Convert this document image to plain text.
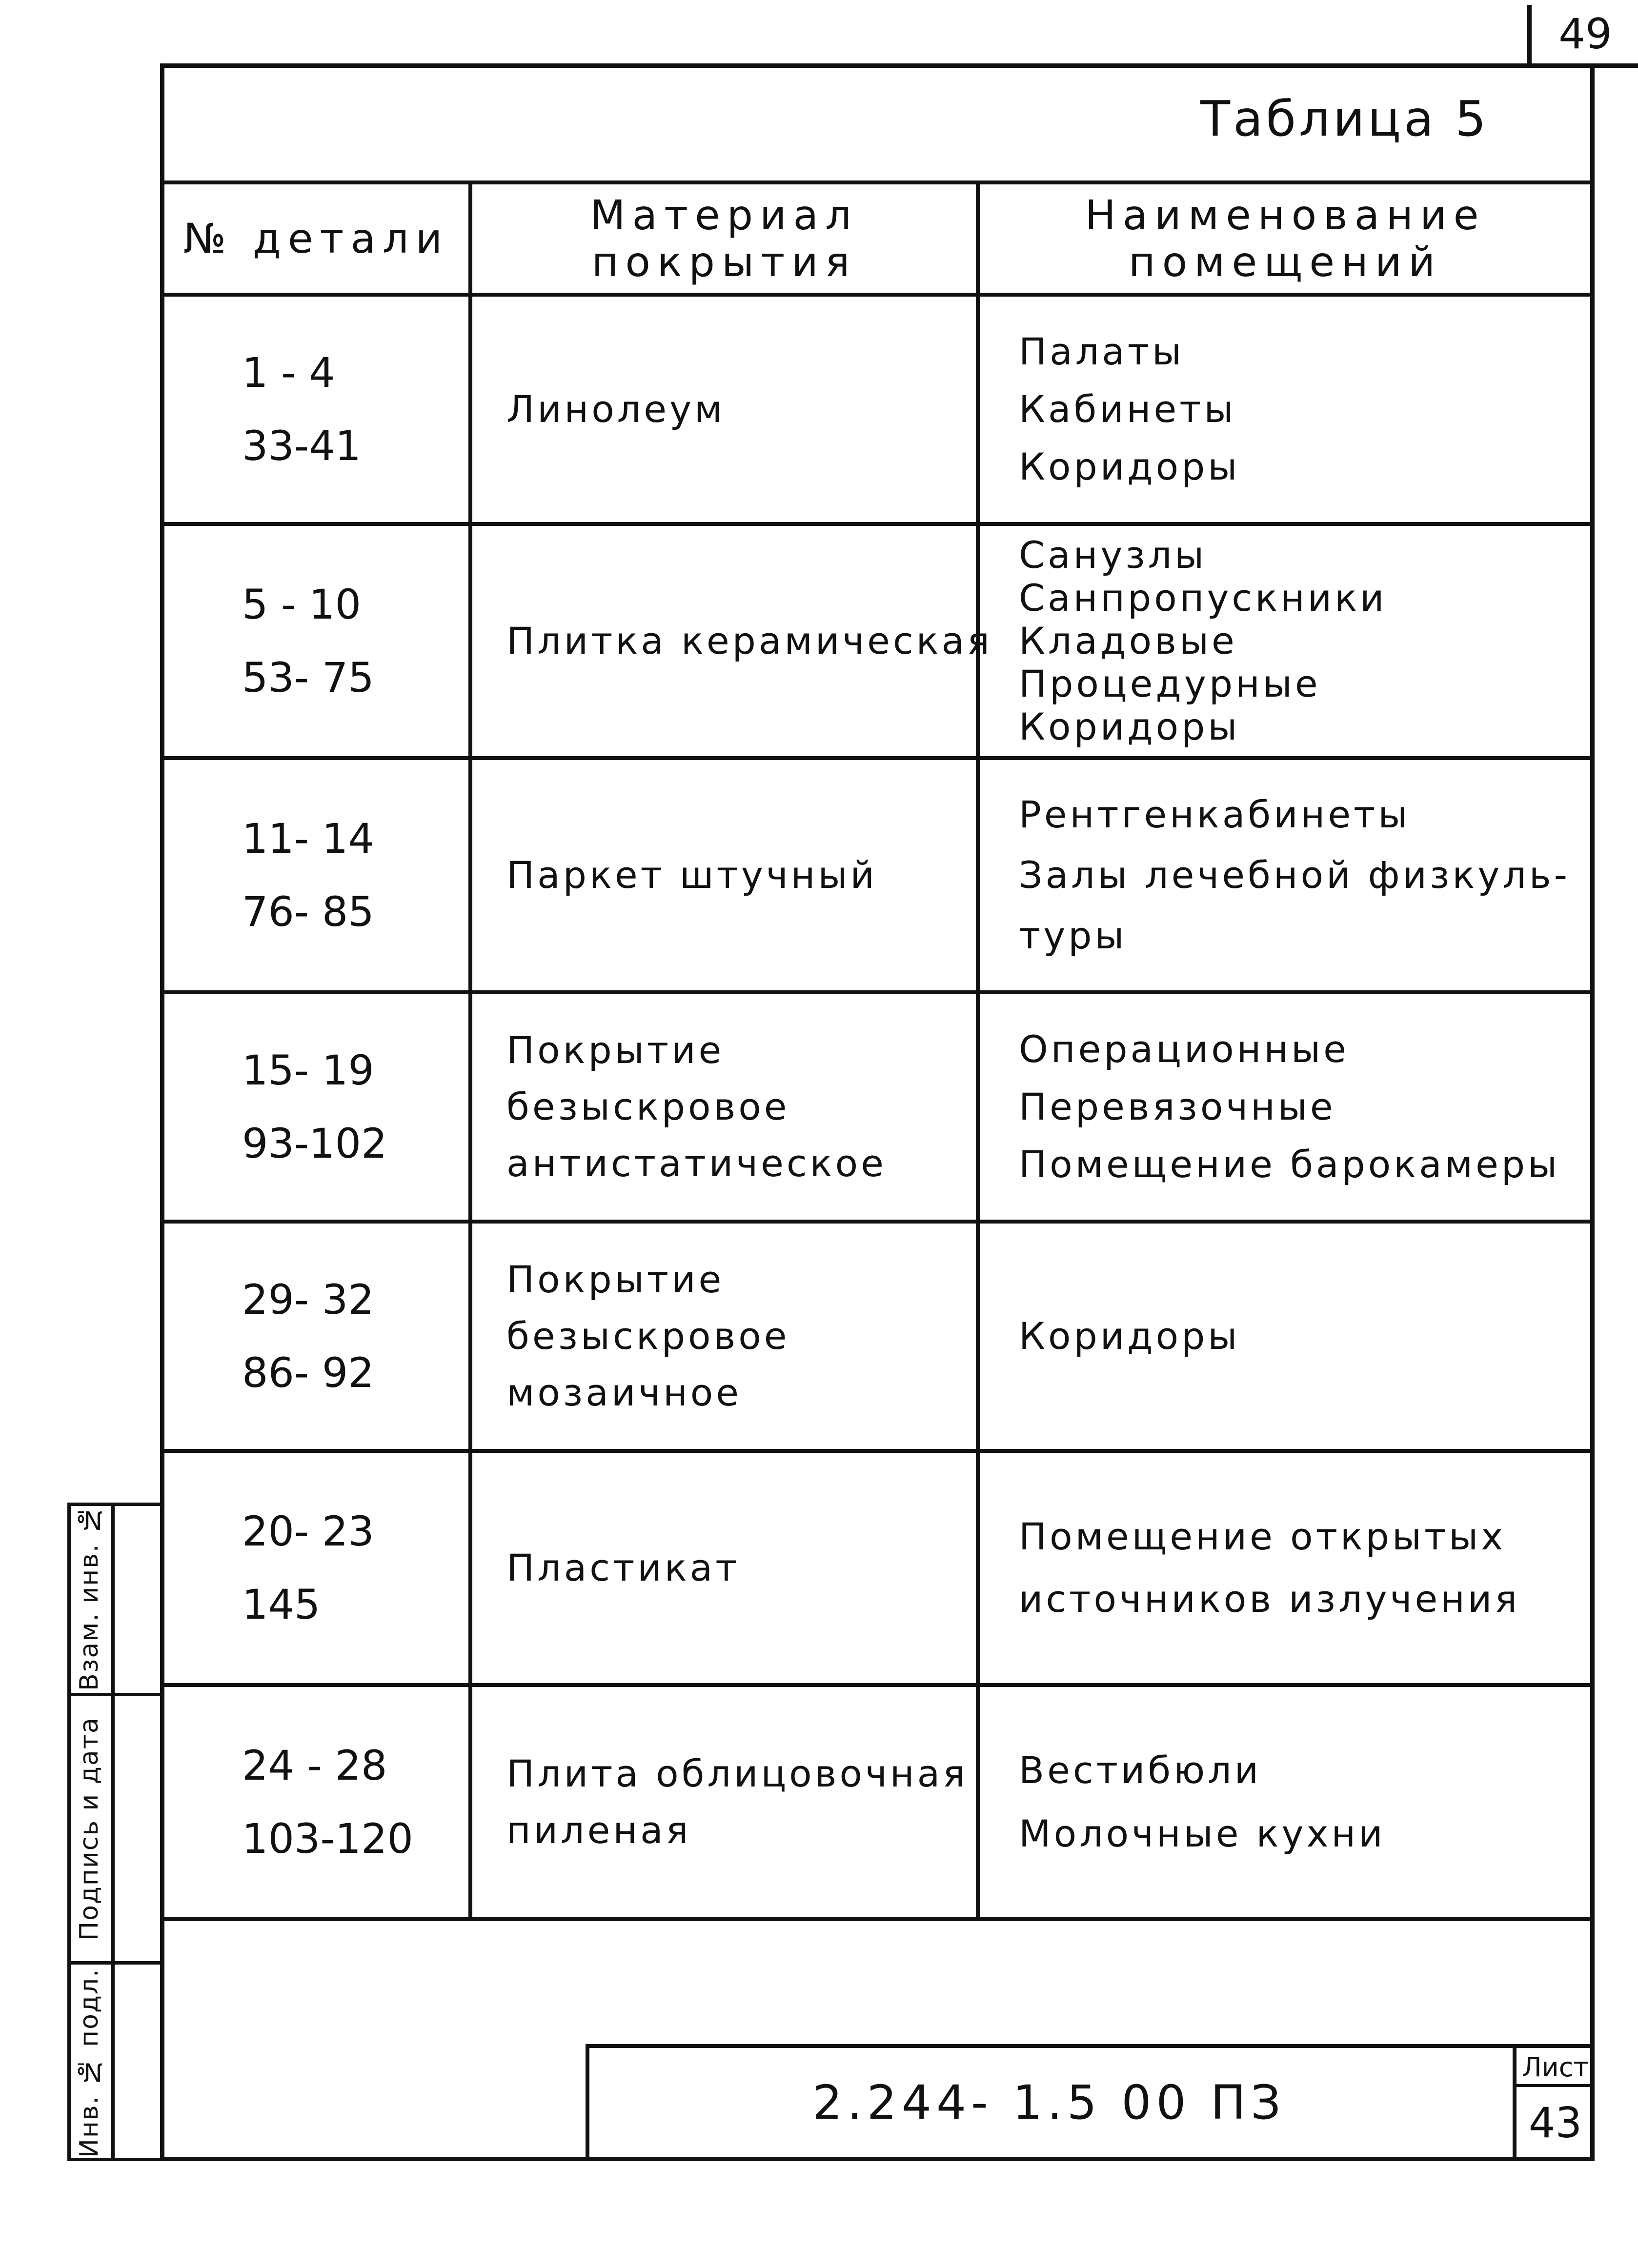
49
Таблица 5
№ детали	Материал
покрытия
Наименование
помещений
1 - 4
33-41
Линолеум
Палаты
Кабинеты
Коридоры
5 - 10
53- 75
Плитка керамическая
Санузлы
Санпропускники
Кладовые
Процедурные
Коридоры
11- 14
76- 85
Паркет штучный
Рентгенкабинеты
Залы лечебной физкуль-
туры
15- 19
93-102
Покрытие безыскровое
антистатическое
Операционные
Перевязочные
Помещение барокамеры
29- 32
86- 92
Покрытие безыскровое
мозаичное
Коридоры
20- 23
145
Пластикат
Помещение открытых
источников излучения
24 - 28
103-120
Плита облицовочная
пиленая
Вестибюли
Молочные кухни
Взам. инв. №
Подпись и дата
Инв. № подл.	2.244- 1.5 00 ПЗ
Лист
43
